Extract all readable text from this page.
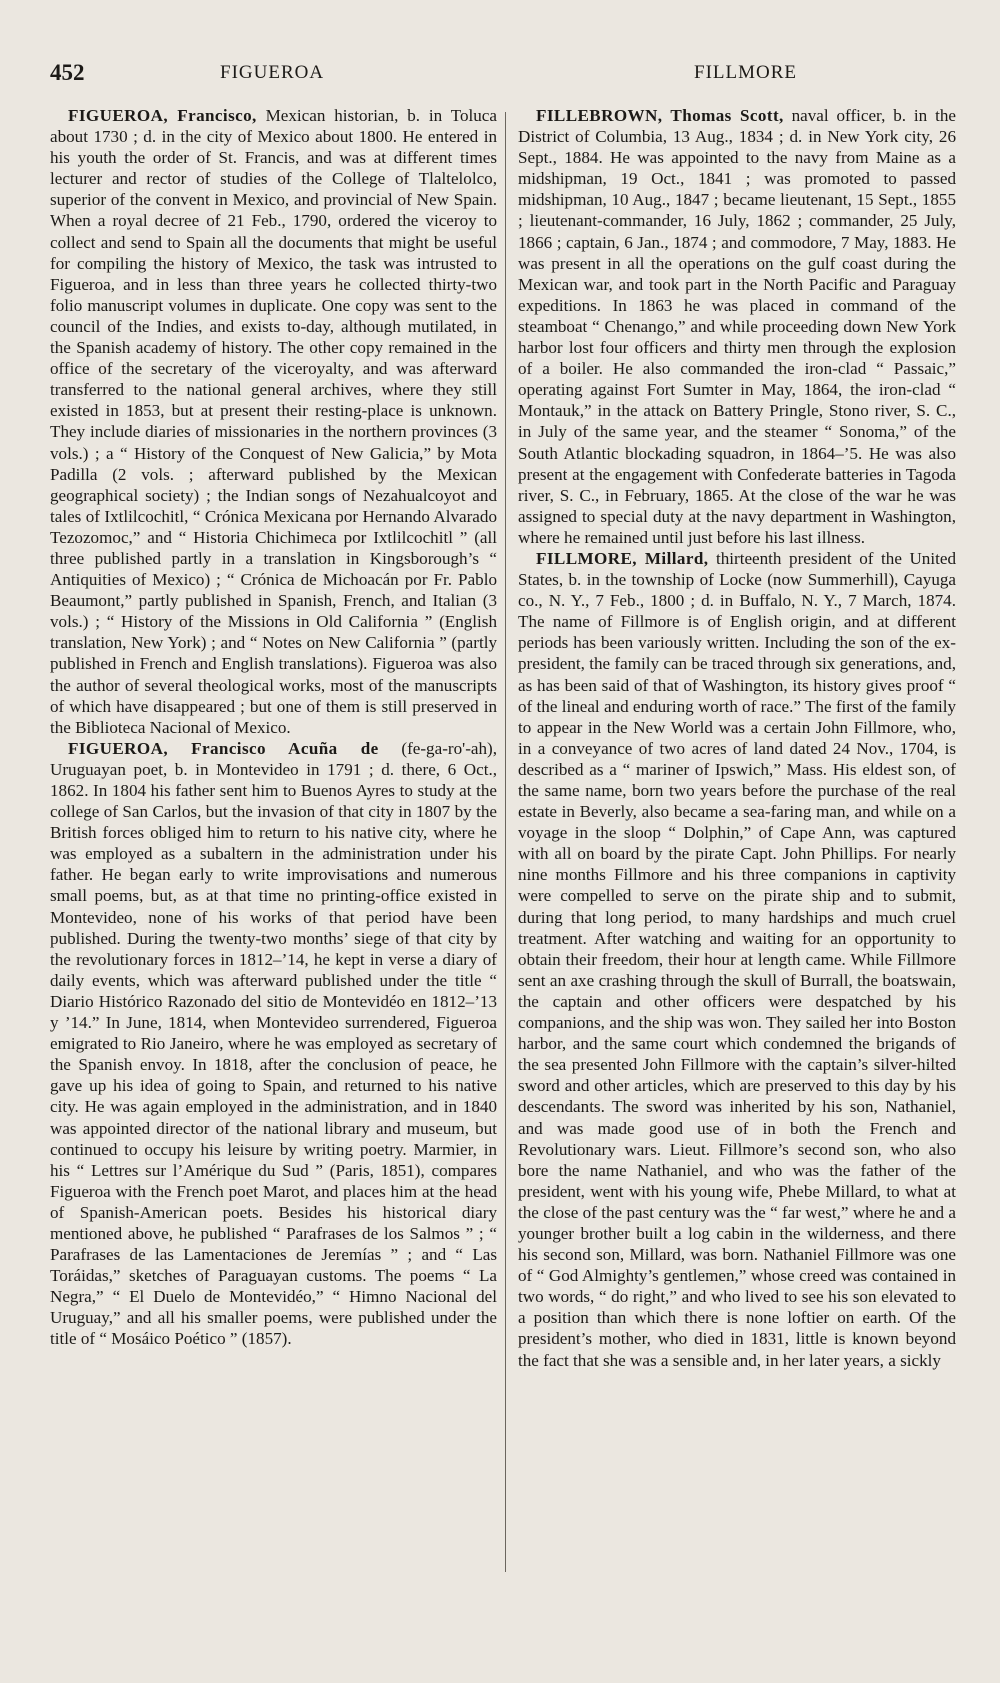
452	FIGUEROA	FILLMORE

FIGUEROA, Francisco, Mexican historian, b. in Toluca about 1730 ; d. in the city of Mexico about 1800. He entered in his youth the order of St. Francis, and was at different times lecturer and rector of studies of the College of Tlaltelolco, superior of the convent in Mexico, and provincial of New Spain. When a royal decree of 21 Feb., 1790, ordered the viceroy to collect and send to Spain all the documents that might be useful for compiling the history of Mexico, the task was intrusted to Figueroa, and in less than three years he collected thirty-two folio manuscript volumes in duplicate. One copy was sent to the council of the Indies, and exists to-day, although mutilated, in the Spanish academy of history. The other copy remained in the office of the secretary of the viceroyalty, and was afterward transferred to the national general archives, where they still existed in 1853, but at present their resting-place is unknown. They include diaries of missionaries in the northern provinces (3 vols.) ; a “ History of the Conquest of New Galicia,” by Mota Padilla (2 vols. ; afterward published by the Mexican geographical society) ; the Indian songs of Nezahualcoyot and tales of Ixtlilcochitl, “ Crónica Mexicana por Hernando Alvarado Tezozomoc,” and “ Historia Chichimeca por Ixtlilcochitl ” (all three published partly in a translation in Kingsborough’s “ Antiquities of Mexico) ; “ Crónica de Michoacán por Fr. Pablo Beaumont,” partly published in Spanish, French, and Italian (3 vols.) ; “ History of the Missions in Old California ” (English translation, New York) ; and “ Notes on New California ” (partly published in French and English translations). Figueroa was also the author of several theological works, most of the manuscripts of which have disappeared ; but one of them is still preserved in the Biblioteca Nacional of Mexico.

FIGUEROA, Francisco Acuña de (fe-ga-ro'-ah), Uruguayan poet, b. in Montevideo in 1791 ; d. there, 6 Oct., 1862. In 1804 his father sent him to Buenos Ayres to study at the college of San Carlos, but the invasion of that city in 1807 by the British forces obliged him to return to his native city, where he was employed as a subaltern in the administration under his father. He began early to write improvisations and numerous small poems, but, as at that time no printing-office existed in Montevideo, none of his works of that period have been published. During the twenty-two months’ siege of that city by the revolutionary forces in 1812–’14, he kept in verse a diary of daily events, which was afterward published under the title “ Diario Histórico Razonado del sitio de Montevidéo en 1812–’13 y ’14.” In June, 1814, when Montevideo surrendered, Figueroa emigrated to Rio Janeiro, where he was employed as secretary of the Spanish envoy. In 1818, after the conclusion of peace, he gave up his idea of going to Spain, and returned to his native city. He was again employed in the administration, and in 1840 was appointed director of the national library and museum, but continued to occupy his leisure by writing poetry. Marmier, in his “ Lettres sur l’Amérique du Sud ” (Paris, 1851), compares Figueroa with the French poet Marot, and places him at the head of Spanish-American poets. Besides his historical diary mentioned above, he published “ Parafrases de los Salmos ” ; “ Parafrases de las Lamentaciones de Jeremías ” ; and “ Las Toráidas,” sketches of Paraguayan customs. The poems “ La Negra,” “ El Duelo de Montevidéo,” “ Himno Nacional del Uruguay,” and all his smaller poems, were published under the title of “ Mosáico Poético ” (1857).

FILLEBROWN, Thomas Scott, naval officer, b. in the District of Columbia, 13 Aug., 1834 ; d. in New York city, 26 Sept., 1884. He was appointed to the navy from Maine as a midshipman, 19 Oct., 1841 ; was promoted to passed midshipman, 10 Aug., 1847 ; became lieutenant, 15 Sept., 1855 ; lieutenant-commander, 16 July, 1862 ; commander, 25 July, 1866 ; captain, 6 Jan., 1874 ; and commodore, 7 May, 1883. He was present in all the operations on the gulf coast during the Mexican war, and took part in the North Pacific and Paraguay expeditions. In 1863 he was placed in command of the steamboat “ Chenango,” and while proceeding down New York harbor lost four officers and thirty men through the explosion of a boiler. He also commanded the iron-clad “ Passaic,” operating against Fort Sumter in May, 1864, the iron-clad “ Montauk,” in the attack on Battery Pringle, Stono river, S. C., in July of the same year, and the steamer “ Sonoma,” of the South Atlantic blockading squadron, in 1864–’5. He was also present at the engagement with Confederate batteries in Tagoda river, S. C., in February, 1865. At the close of the war he was assigned to special duty at the navy department in Washington, where he remained until just before his last illness.

FILLMORE, Millard, thirteenth president of the United States, b. in the township of Locke (now Summerhill), Cayuga co., N. Y., 7 Feb., 1800 ; d. in Buffalo, N. Y., 7 March, 1874. The name of Fillmore is of English origin, and at different periods has been variously written. Including the son of the ex-president, the family can be traced through six generations, and, as has been said of that of Washington, its history gives proof “ of the lineal and enduring worth of race.” The first of the family to appear in the New World was a certain John Fillmore, who, in a conveyance of two acres of land dated 24 Nov., 1704, is described as a “ mariner of Ipswich,” Mass. His eldest son, of the same name, born two years before the purchase of the real estate in Beverly, also became a sea-faring man, and while on a voyage in the sloop “ Dolphin,” of Cape Ann, was captured with all on board by the pirate Capt. John Phillips. For nearly nine months Fillmore and his three companions in captivity were compelled to serve on the pirate ship and to submit, during that long period, to many hardships and much cruel treatment. After watching and waiting for an opportunity to obtain their freedom, their hour at length came. While Fillmore sent an axe crashing through the skull of Burrall, the boatswain, the captain and other officers were despatched by his companions, and the ship was won. They sailed her into Boston harbor, and the same court which condemned the brigands of the sea presented John Fillmore with the captain’s silver-hilted sword and other articles, which are preserved to this day by his descendants. The sword was inherited by his son, Nathaniel, and was made good use of in both the French and Revolutionary wars. Lieut. Fillmore’s second son, who also bore the name Nathaniel, and who was the father of the president, went with his young wife, Phebe Millard, to what at the close of the past century was the “ far west,” where he and a younger brother built a log cabin in the wilderness, and there his second son, Millard, was born. Nathaniel Fillmore was one of “ God Almighty’s gentlemen,” whose creed was contained in two words, “ do right,” and who lived to see his son elevated to a position than which there is none loftier on earth. Of the president’s mother, who died in 1831, little is known beyond the fact that she was a sensible and, in her later years, a sickly
